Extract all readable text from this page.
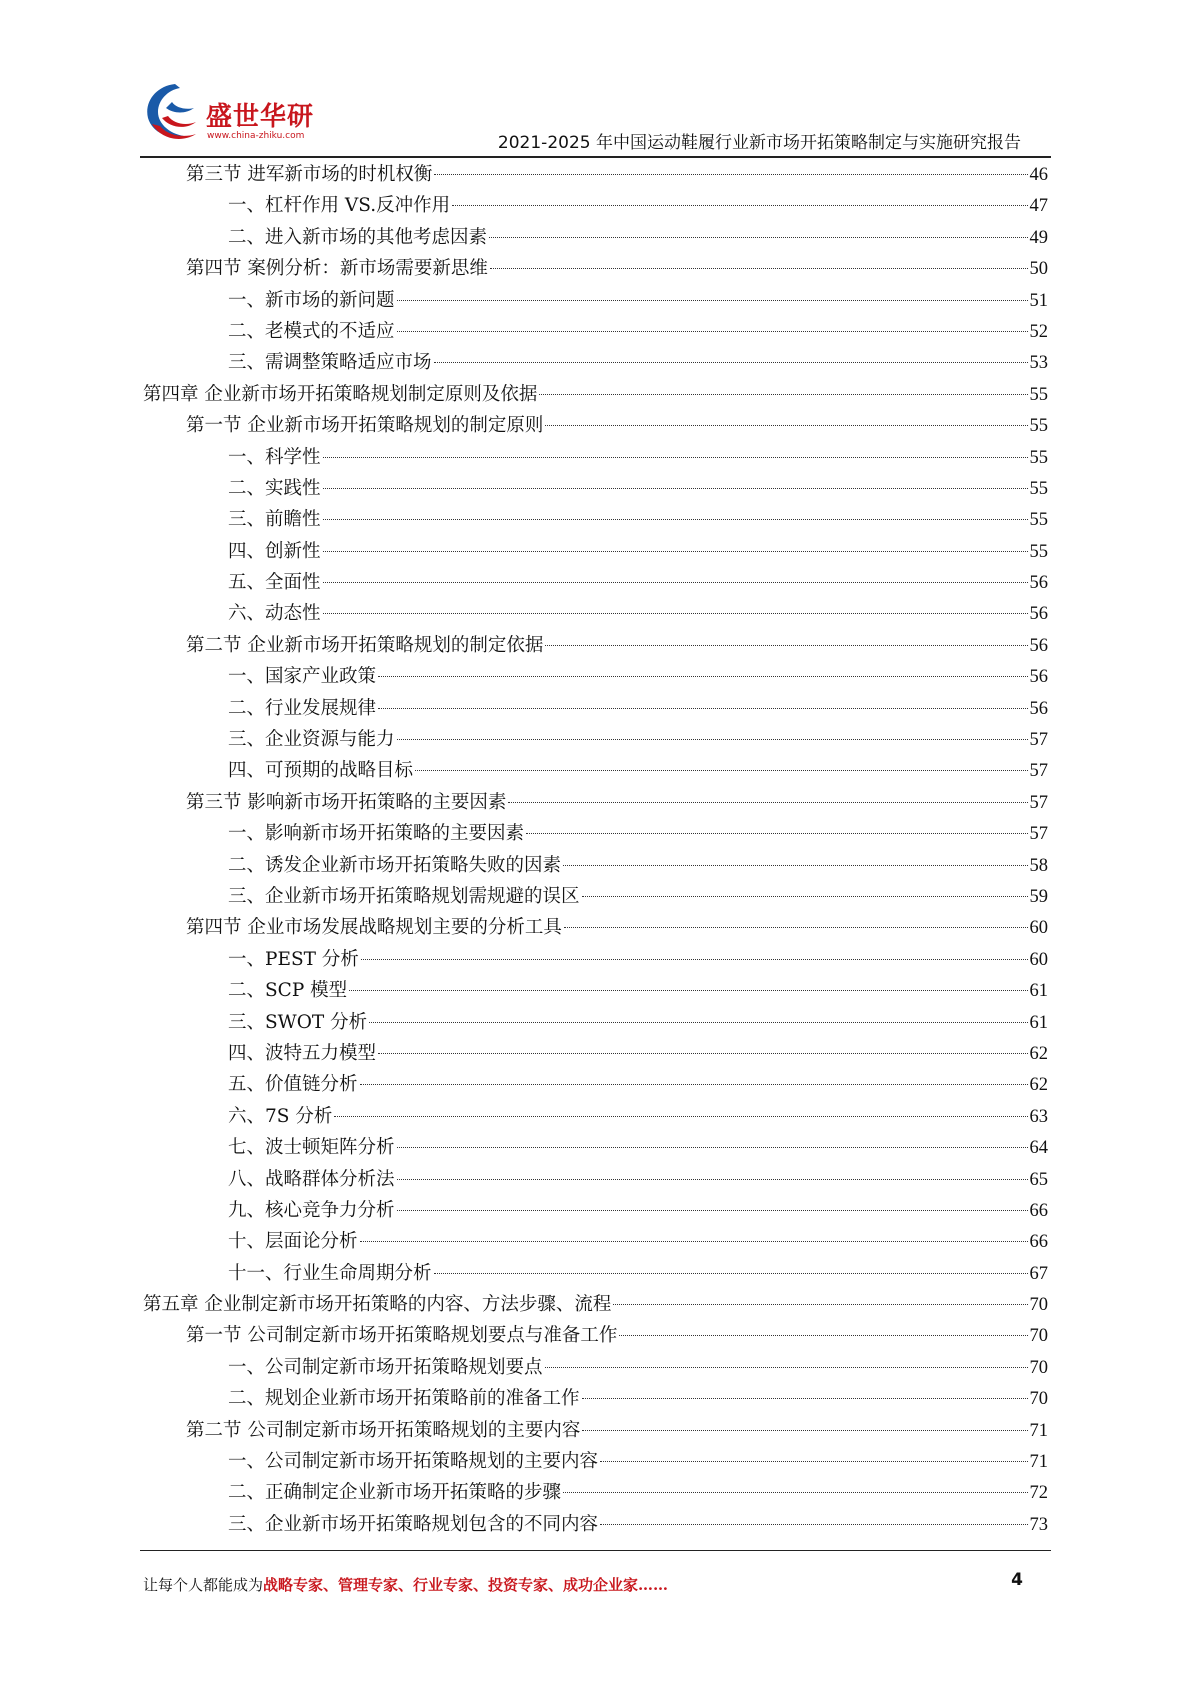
盛世华研
www.china-zhiku.com	2021-2025 年中国运动鞋履行业新市场开拓策略制定与实施研究报告
第三节 进军新市场的时机权衡	46
一、杠杆作用 VS.反冲作用	47
二、进入新市场的其他考虑因素	49
第四节 案例分析：新市场需要新思维	50
一、新市场的新问题	51
二、老模式的不适应	52
三、需调整策略适应市场	53
第四章 企业新市场开拓策略规划制定原则及依据	55
第一节 企业新市场开拓策略规划的制定原则	55
一、科学性	55
二、实践性	55
三、前瞻性	55
四、创新性	55
五、全面性	56
六、动态性	56
第二节 企业新市场开拓策略规划的制定依据	56
一、国家产业政策	56
二、行业发展规律	56
三、企业资源与能力	57
四、可预期的战略目标	57
第三节 影响新市场开拓策略的主要因素	57
一、影响新市场开拓策略的主要因素	57
二、诱发企业新市场开拓策略失败的因素	58
三、企业新市场开拓策略规划需规避的误区	59
第四节 企业市场发展战略规划主要的分析工具	60
一、PEST 分析	60
二、SCP 模型	61
三、SWOT 分析	61
四、波特五力模型	62
五、价值链分析	62
六、7S 分析	63
七、波士顿矩阵分析	64
八、战略群体分析法	65
九、核心竞争力分析	66
十、层面论分析	66
十一、行业生命周期分析	67
第五章 企业制定新市场开拓策略的内容、方法步骤、流程	70
第一节 公司制定新市场开拓策略规划要点与准备工作	70
一、公司制定新市场开拓策略规划要点	70
二、规划企业新市场开拓策略前的准备工作	70
第二节 公司制定新市场开拓策略规划的主要内容	71
一、公司制定新市场开拓策略规划的主要内容	71
二、正确制定企业新市场开拓策略的步骤	72
三、企业新市场开拓策略规划包含的不同内容	73
让每个人都能成为战略专家、管理专家、行业专家、投资专家、成功企业家……	4
